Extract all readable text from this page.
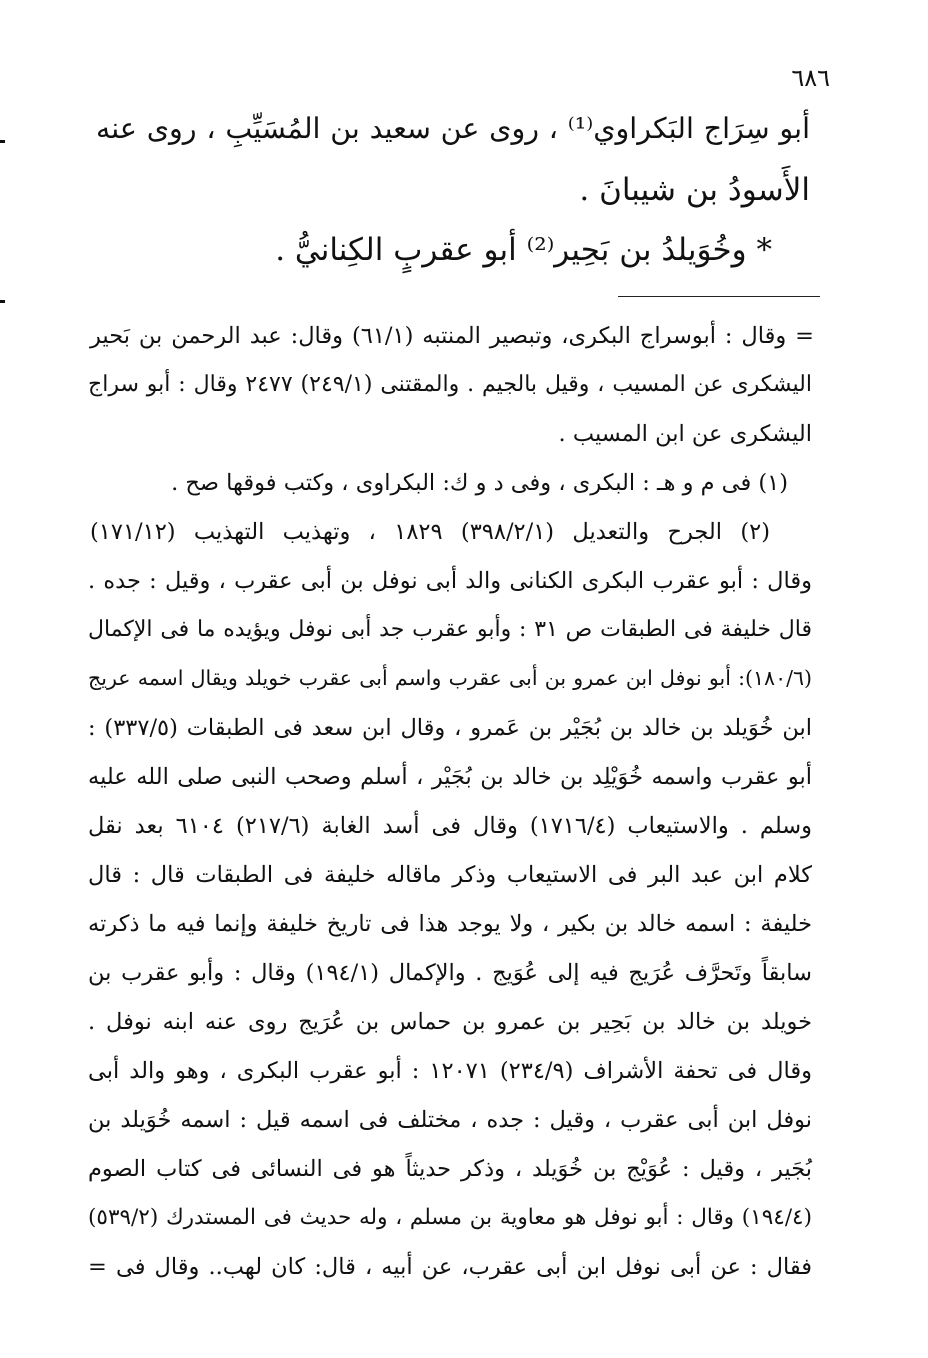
٦٨٦
أبو سِرَاج البَكراوي⁽¹⁾ ، روى عن سعيد بن المُسَيِّبِ ، روى عنه
الأَسودُ بن شيبانَ .
* وخُوَيلدُ بن بَحِير⁽²⁾ أبو عقربٍ الكِنانيُّ .
= وقال : أبوسراج البكرى، وتبصير المنتبه (٦١/١) وقال: عبد الرحمن بن بَحير
اليشكرى عن المسيب ، وقيل بالجيم . والمقتنى (٢٤٩/١) ٢٤٧٧ وقال : أبو سراج
اليشكرى عن ابن المسيب .
(١) فى م و هـ : البكرى ، وفى د و ك: البكراوى ، وكتب فوقها صح .
(٢) الجرح والتعديل (٣٩٨/٢/١) ١٨٢٩ ، وتهذيب التهذيب (١٧١/١٢)
وقال : أبو عقرب البكرى الكنانى والد أبى نوفل بن أبى عقرب ، وقيل : جده .
قال خليفة فى الطبقات ص ٣١ : وأبو عقرب جد أبى نوفل ويؤيده ما فى الإكمال
(١٨٠/٦): أبو نوفل ابن عمرو بن أبى عقرب واسم أبى عقرب خويلد ويقال اسمه عريج
ابن خُوَيلد بن خالد بن بُجَيْر بن عَمرو ، وقال ابن سعد فى الطبقات (٣٣٧/٥) :
أبو عقرب واسمه خُوَيْلِد بن خالد بن بُجَيْر ، أسلم وصحب النبى صلى الله عليه
وسلم . والاستيعاب (١٧١٦/٤) وقال فى أسد الغابة (٢١٧/٦) ٦١٠٤ بعد نقل
كلام ابن عبد البر فى الاستيعاب وذكر ماقاله خليفة فى الطبقات قال : قال
خليفة : اسمه خالد بن بكير ، ولا يوجد هذا فى تاريخ خليفة وإنما فيه ما ذكرته
سابقاً وتَحرَّف عُرَيج فيه إلى عُوَيج . والإكمال (١٩٤/١) وقال : وأبو عقرب بن
خويلد بن خالد بن بَحِير بن عمرو بن حماس بن عُرَيج روى عنه ابنه نوفل .
وقال فى تحفة الأشراف (٢٣٤/٩) ١٢٠٧١ : أبو عقرب البكرى ، وهو والد أبى
نوفل ابن أبى عقرب ، وقيل : جده ، مختلف فى اسمه قيل : اسمه خُوَيلد بن
بُجَير ، وقيل : عُوَيْج بن خُوَيلد ، وذكر حديثاً هو فى النسائى فى كتاب الصوم
(١٩٤/٤) وقال : أبو نوفل هو معاوية بن مسلم ، وله حديث فى المستدرك (٥٣٩/٢)
فقال : عن أبى نوفل ابن أبى عقرب، عن أبيه ، قال: كان لهب.. وقال فى =
